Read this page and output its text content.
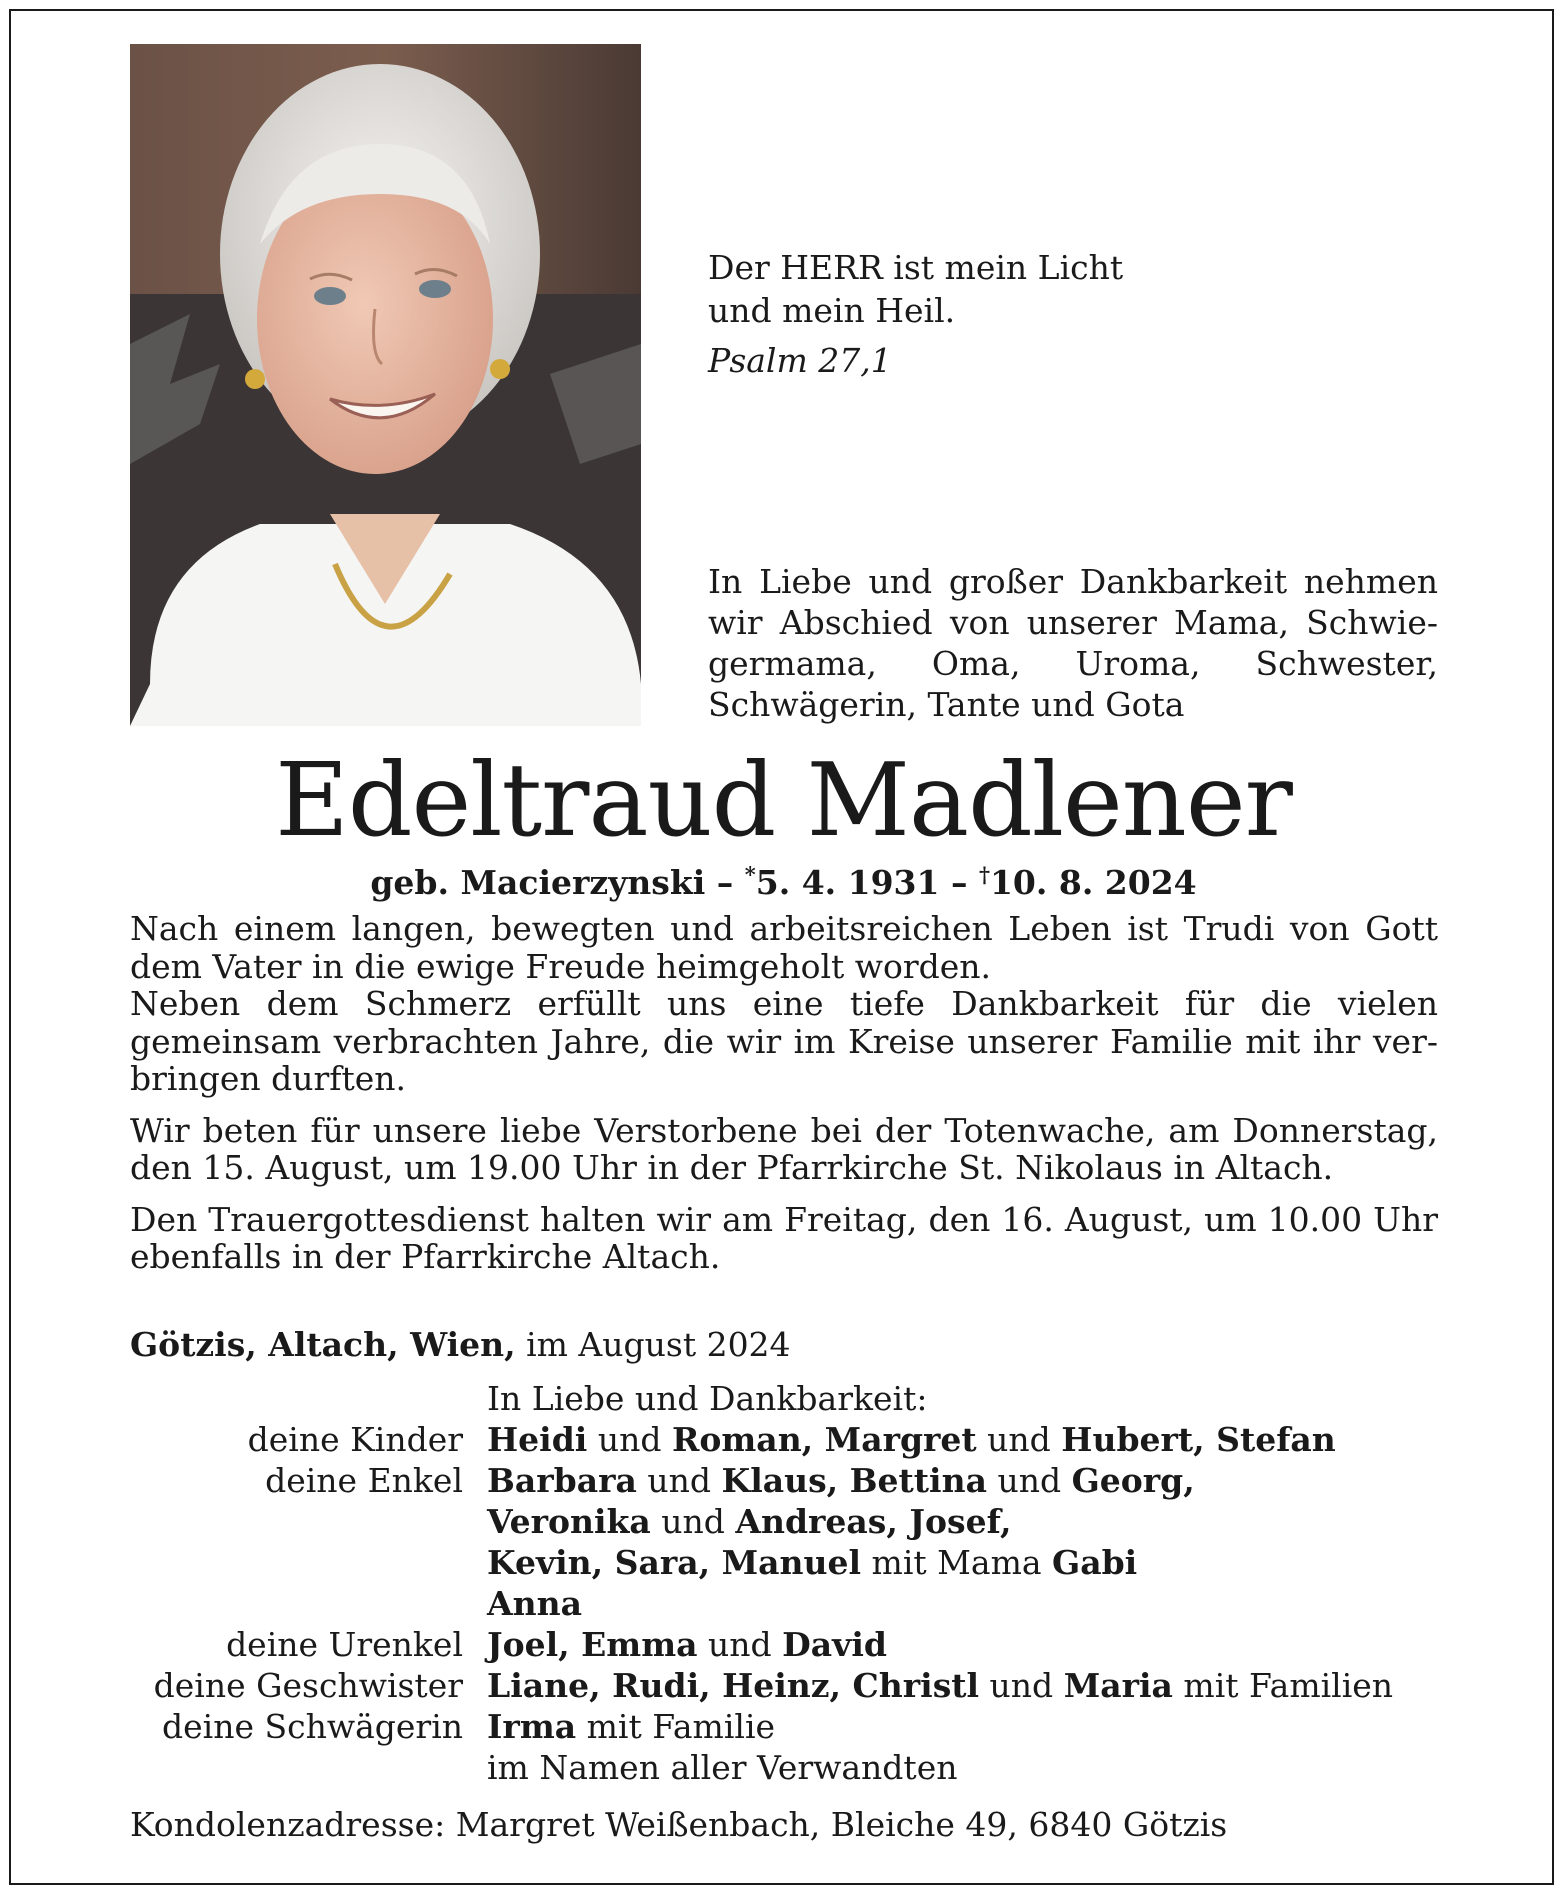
Der HERR ist mein Licht
und mein Heil.
Psalm 27,1
In Liebe und großer Dankbarkeit nehmen
wir Abschied von unserer Mama, Schwie-
germama, Oma, Uroma, Schwester,
Schwägerin, Tante und Gota
Edeltraud Madlener
geb. Macierzynski – *5. 4. 1931 – †10. 8. 2024
Nach einem langen, bewegten und arbeitsreichen Leben ist Trudi von Gott
dem Vater in die ewige Freude heimgeholt worden.
Neben dem Schmerz erfüllt uns eine tiefe Dankbarkeit für die vielen
gemeinsam verbrachten Jahre, die wir im Kreise unserer Familie mit ihr ver-
bringen durften.
Wir beten für unsere liebe Verstorbene bei der Totenwache, am Donnerstag,
den 15. August, um 19.00 Uhr in der Pfarrkirche St. Nikolaus in Altach.
Den Trauergottesdienst halten wir am Freitag, den 16. August, um 10.00 Uhr
ebenfalls in der Pfarrkirche Altach.
Götzis, Altach, Wien, im August 2024
In Liebe und Dankbarkeit:
deine Kinder Heidi und Roman, Margret und Hubert, Stefan
deine Enkel Barbara und Klaus, Bettina und Georg,
Veronika und Andreas, Josef,
Kevin, Sara, Manuel mit Mama Gabi
Anna
deine Urenkel Joel, Emma und David
deine Geschwister Liane, Rudi, Heinz, Christl und Maria mit Familien
deine Schwägerin Irma mit Familie
im Namen aller Verwandten
Kondolenzadresse: Margret Weißenbach, Bleiche 49, 6840 Götzis
